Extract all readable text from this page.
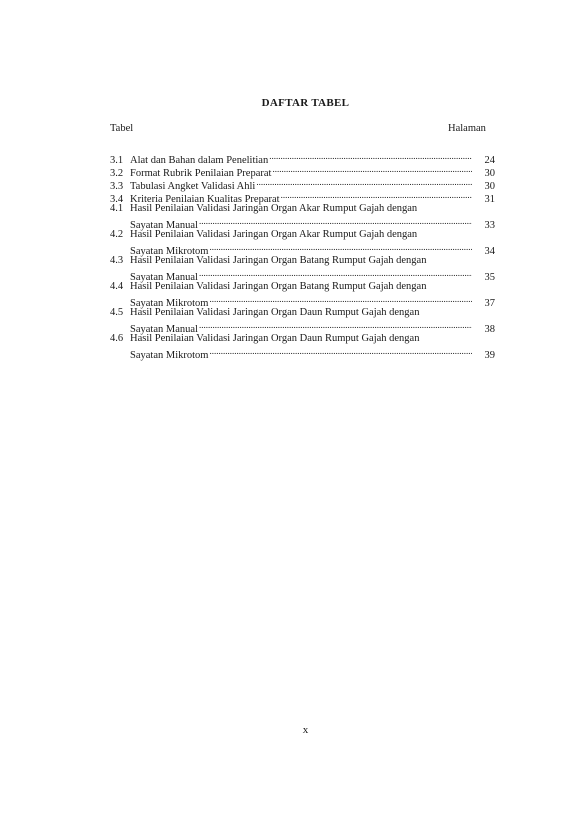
DAFTAR TABEL
Tabel	Halaman
3.1 Alat dan Bahan dalam Penelitian .....	24
3.2 Format Rubrik Penilaian Preparat .....	30
3.3 Tabulasi Angket Validasi Ahli .....	30
3.4 Kriteria Penilaian Kualitas Preparat .....	31
4.1 Hasil Penilaian Validasi Jaringan Organ Akar Rumput Gajah dengan
Sayatan Manual .....	33
4.2 Hasil Penilaian Validasi Jaringan Organ Akar Rumput Gajah dengan
Sayatan Mikrotom .....	34
4.3 Hasil Penilaian Validasi Jaringan Organ Batang Rumput Gajah dengan
Sayatan Manual .....	35
4.4 Hasil Penilaian Validasi Jaringan Organ Batang Rumput Gajah dengan
Sayatan Mikrotom .....	37
4.5 Hasil Penilaian Validasi Jaringan Organ Daun Rumput Gajah dengan
Sayatan Manual .....	38
4.6 Hasil Penilaian Validasi Jaringan Organ Daun Rumput Gajah dengan
Sayatan Mikrotom .....	39
x
